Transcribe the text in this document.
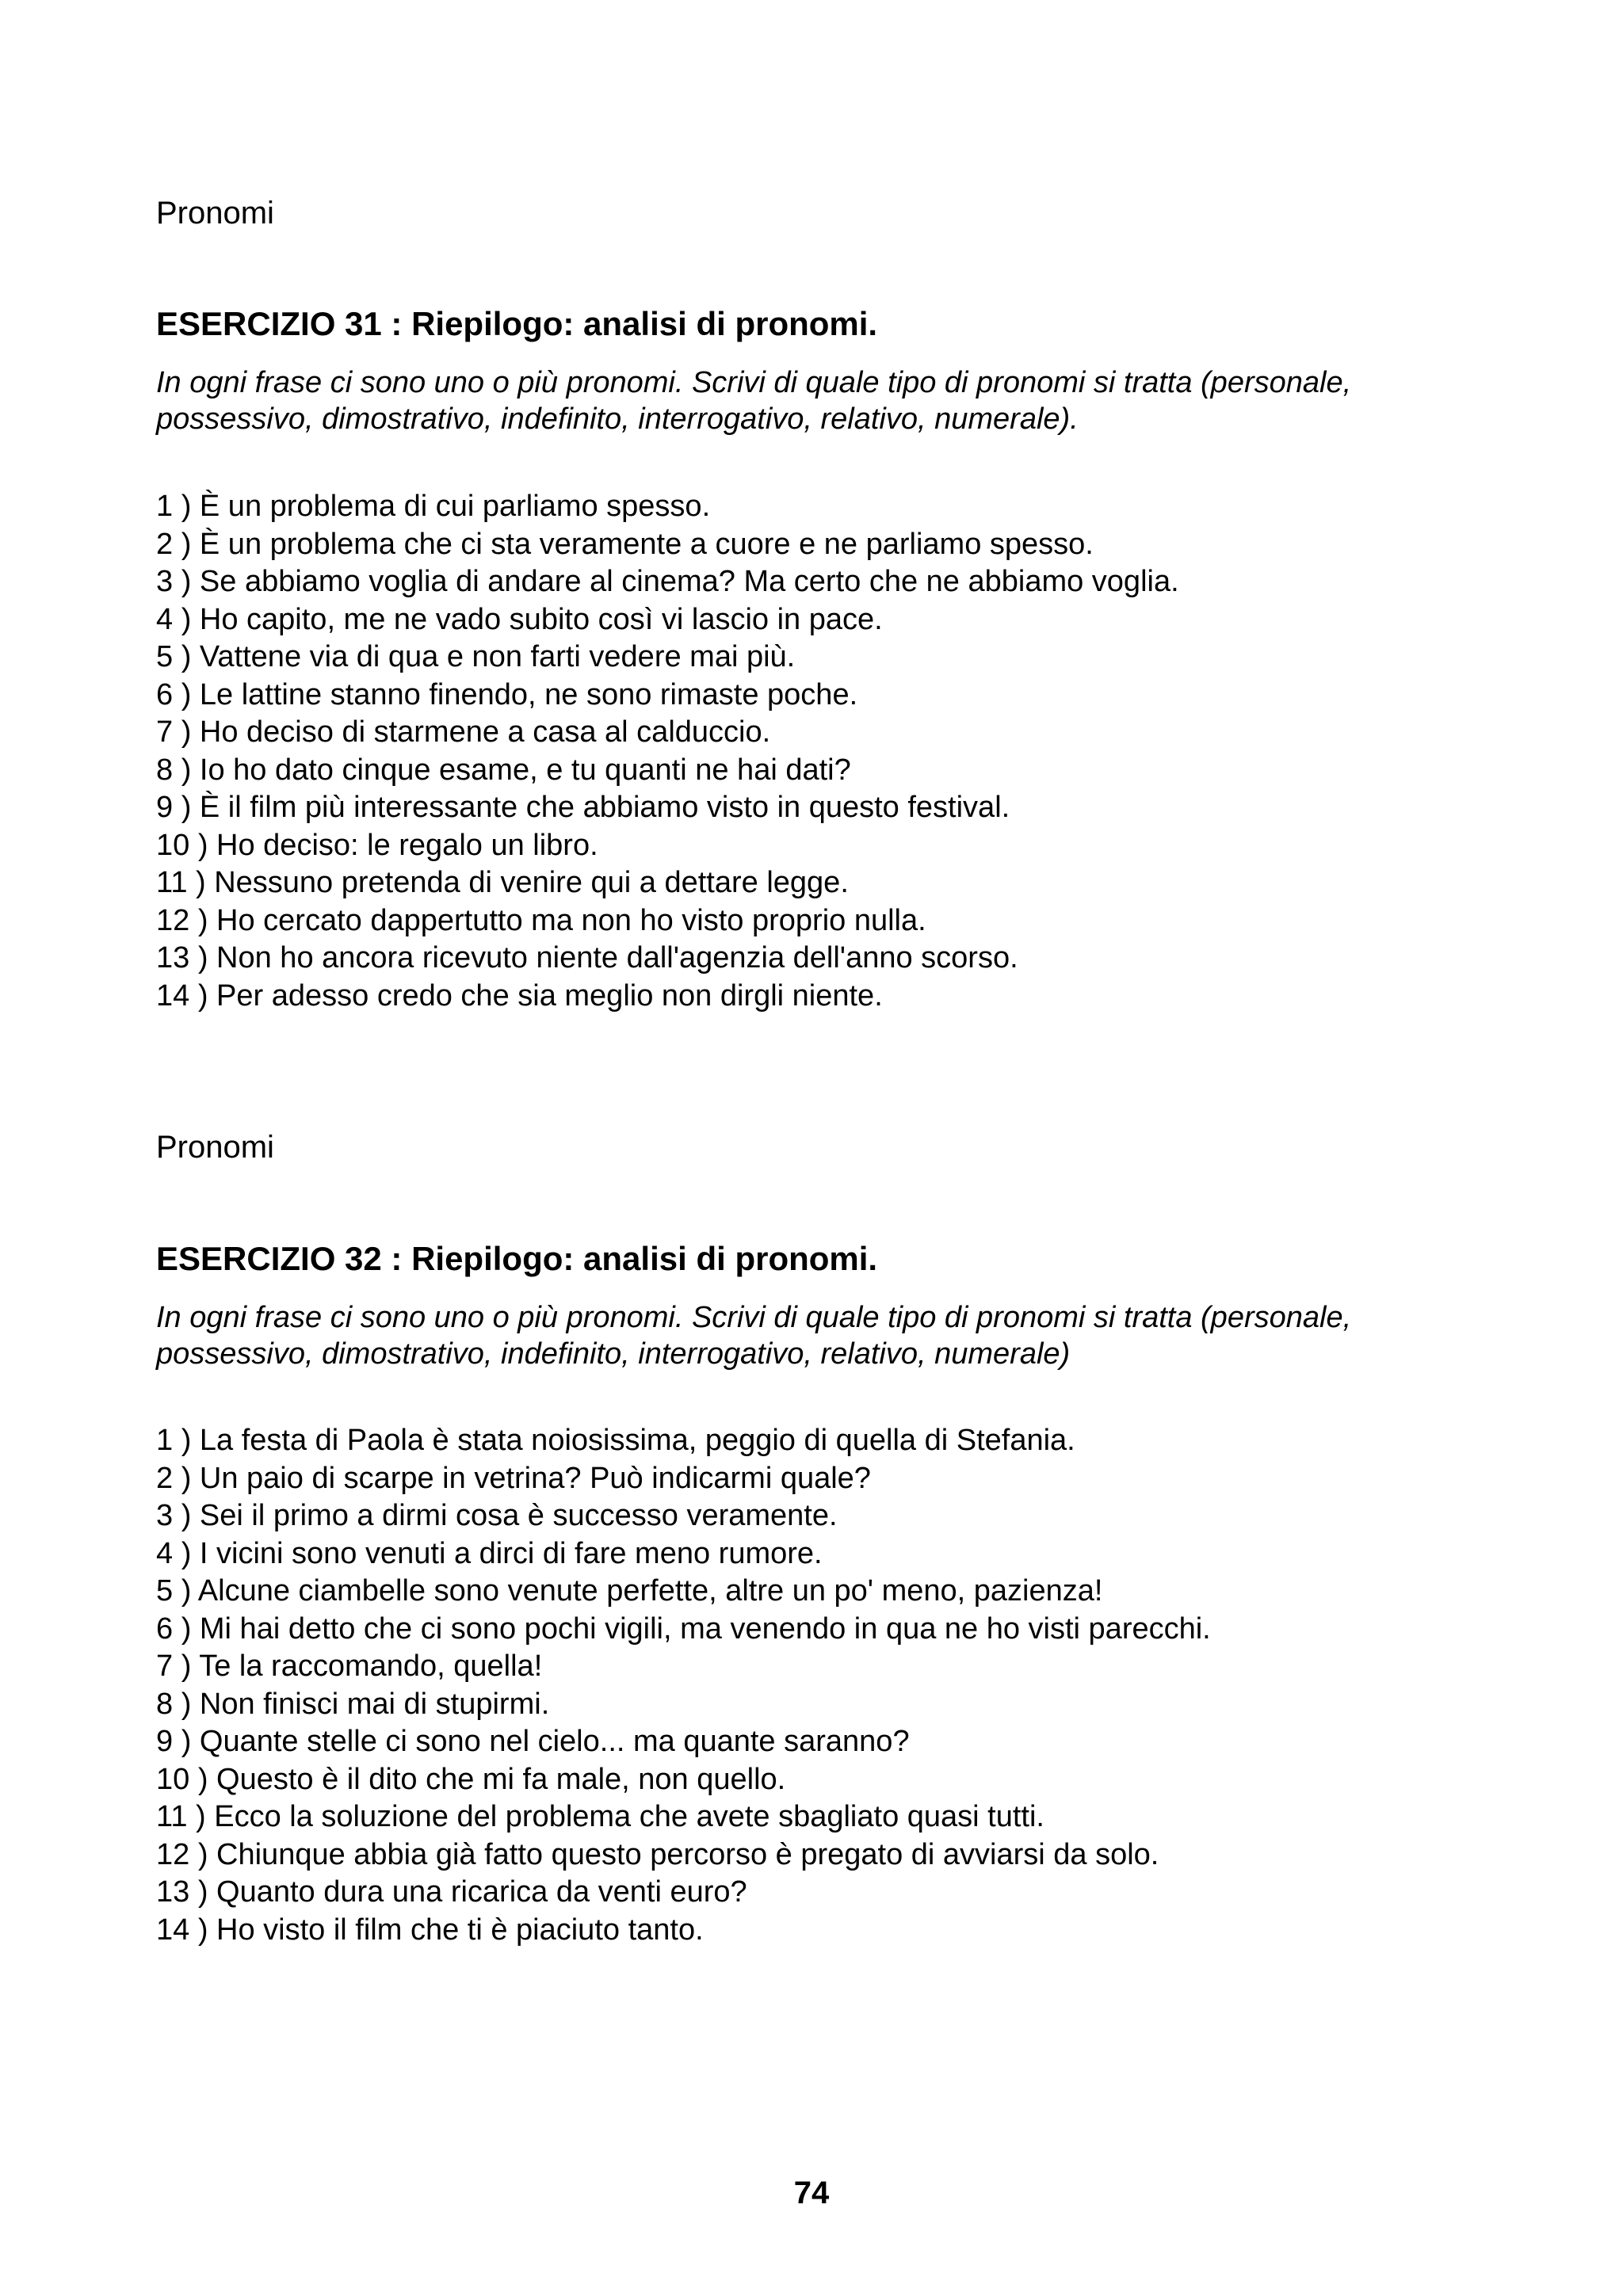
Pronomi

ESERCIZIO 31 : Riepilogo: analisi di pronomi.

In ogni frase ci sono uno o più pronomi. Scrivi di quale tipo di pronomi si tratta (personale, possessivo, dimostrativo, indefinito, interrogativo, relativo, numerale).

1 ) È un problema di cui parliamo spesso.
2 ) È un problema che ci sta veramente a cuore e ne parliamo spesso.
3 ) Se abbiamo voglia di andare al cinema? Ma certo che ne abbiamo voglia.
4 ) Ho capito, me ne vado subito così vi lascio in pace.
5 ) Vattene via di qua e non farti vedere mai più.
6 ) Le lattine stanno finendo, ne sono rimaste poche.
7 ) Ho deciso di starmene a casa al calduccio.
8 ) Io ho dato cinque esame, e tu quanti ne hai dati?
9 ) È il film più interessante che abbiamo visto in questo festival.
10 ) Ho deciso: le regalo un libro.
11 ) Nessuno pretenda di venire qui a dettare legge.
12 ) Ho cercato dappertutto ma non ho visto proprio nulla.
13 ) Non ho ancora ricevuto niente dall'agenzia dell'anno scorso.
14 ) Per adesso credo che sia meglio non dirgli niente.

Pronomi

ESERCIZIO 32 : Riepilogo: analisi di pronomi.

In ogni frase ci sono uno o più pronomi. Scrivi di quale tipo di pronomi si tratta (personale, possessivo, dimostrativo, indefinito, interrogativo, relativo, numerale)

1 ) La festa di Paola è stata noiosissima, peggio di quella di Stefania.
2 ) Un paio di scarpe in vetrina? Può indicarmi quale?
3 ) Sei il primo a dirmi cosa è successo veramente.
4 ) I vicini sono venuti a dirci di fare meno rumore.
5 ) Alcune ciambelle sono venute perfette, altre un po' meno, pazienza!
6 ) Mi hai detto che ci sono pochi vigili, ma venendo in qua ne ho visti parecchi.
7 ) Te la raccomando, quella!
8 ) Non finisci mai di stupirmi.
9 ) Quante stelle ci sono nel cielo... ma quante saranno?
10 ) Questo è il dito che mi fa male, non quello.
11 ) Ecco la soluzione del problema che avete sbagliato quasi tutti.
12 ) Chiunque abbia già fatto questo percorso è pregato di avviarsi da solo.
13 ) Quanto dura una ricarica da venti euro?
14 ) Ho visto il film che ti è piaciuto tanto.

74
